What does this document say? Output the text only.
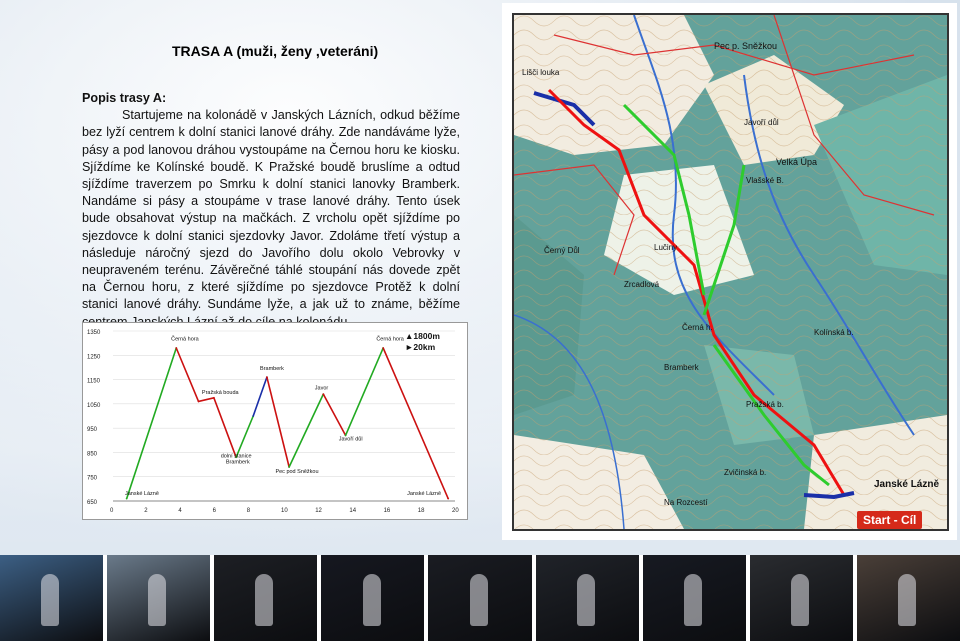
TRASA A (muži, ženy ,veteráni)
Popis trasy A:
Startujeme na kolonádě v Janských Lázních, odkud běžíme bez lyží centrem k dolní stanici lanové dráhy. Zde nandáváme lyže, pásy a pod lanovou dráhou vystoupáme na Černou horu ke kiosku. Sjíždíme ke Kolínské boudě. K Pražské boudě bruslíme a odtud sjíždíme traverzem po Smrku k dolní stanici lanovky Bramberk. Nandáme si pásy a stoupáme v trase lanové dráhy. Tento úsek bude obsahovat výstup na mačkách. Z vrcholu opět sjíždíme po sjezdovce k dolní stanici sjezdovky Javor. Zdoláme třetí výstup a následuje náročný sjezd do Javořího dolu okolo Vebrovky v neupraveném terénu. Závěrečné táhlé stoupání nás dovede zpět na Černou horu, z které sjíždíme po sjezdovce Protěž k dolní stanici lanové dráhy. Sundáme lyže, a jak už to známe, běžíme
650
750
850
950
1050
1150
1250
1350
0	2	4	6	8	10	12	14	16	18	20
Černá hora	Černá hora
Bramberk
Pražská bouda
Javor
Javoří důl
dolní stanice
Bramberk
Pec pod Sněžkou
Janské Lázně	Janské Lázně
▲1800m
►20km
Pec p. Sněžkou
Lišči louka
Velká Úpa
Javoří důl
Lučiny
Zrcadlová
Černá h.
Janské Lázně
Černý Důl
Vlašské B.
Kolínská b.
Pražská b.
Bramberk
Zvičinská b.
Na Rozcestí
Start - Cíl
